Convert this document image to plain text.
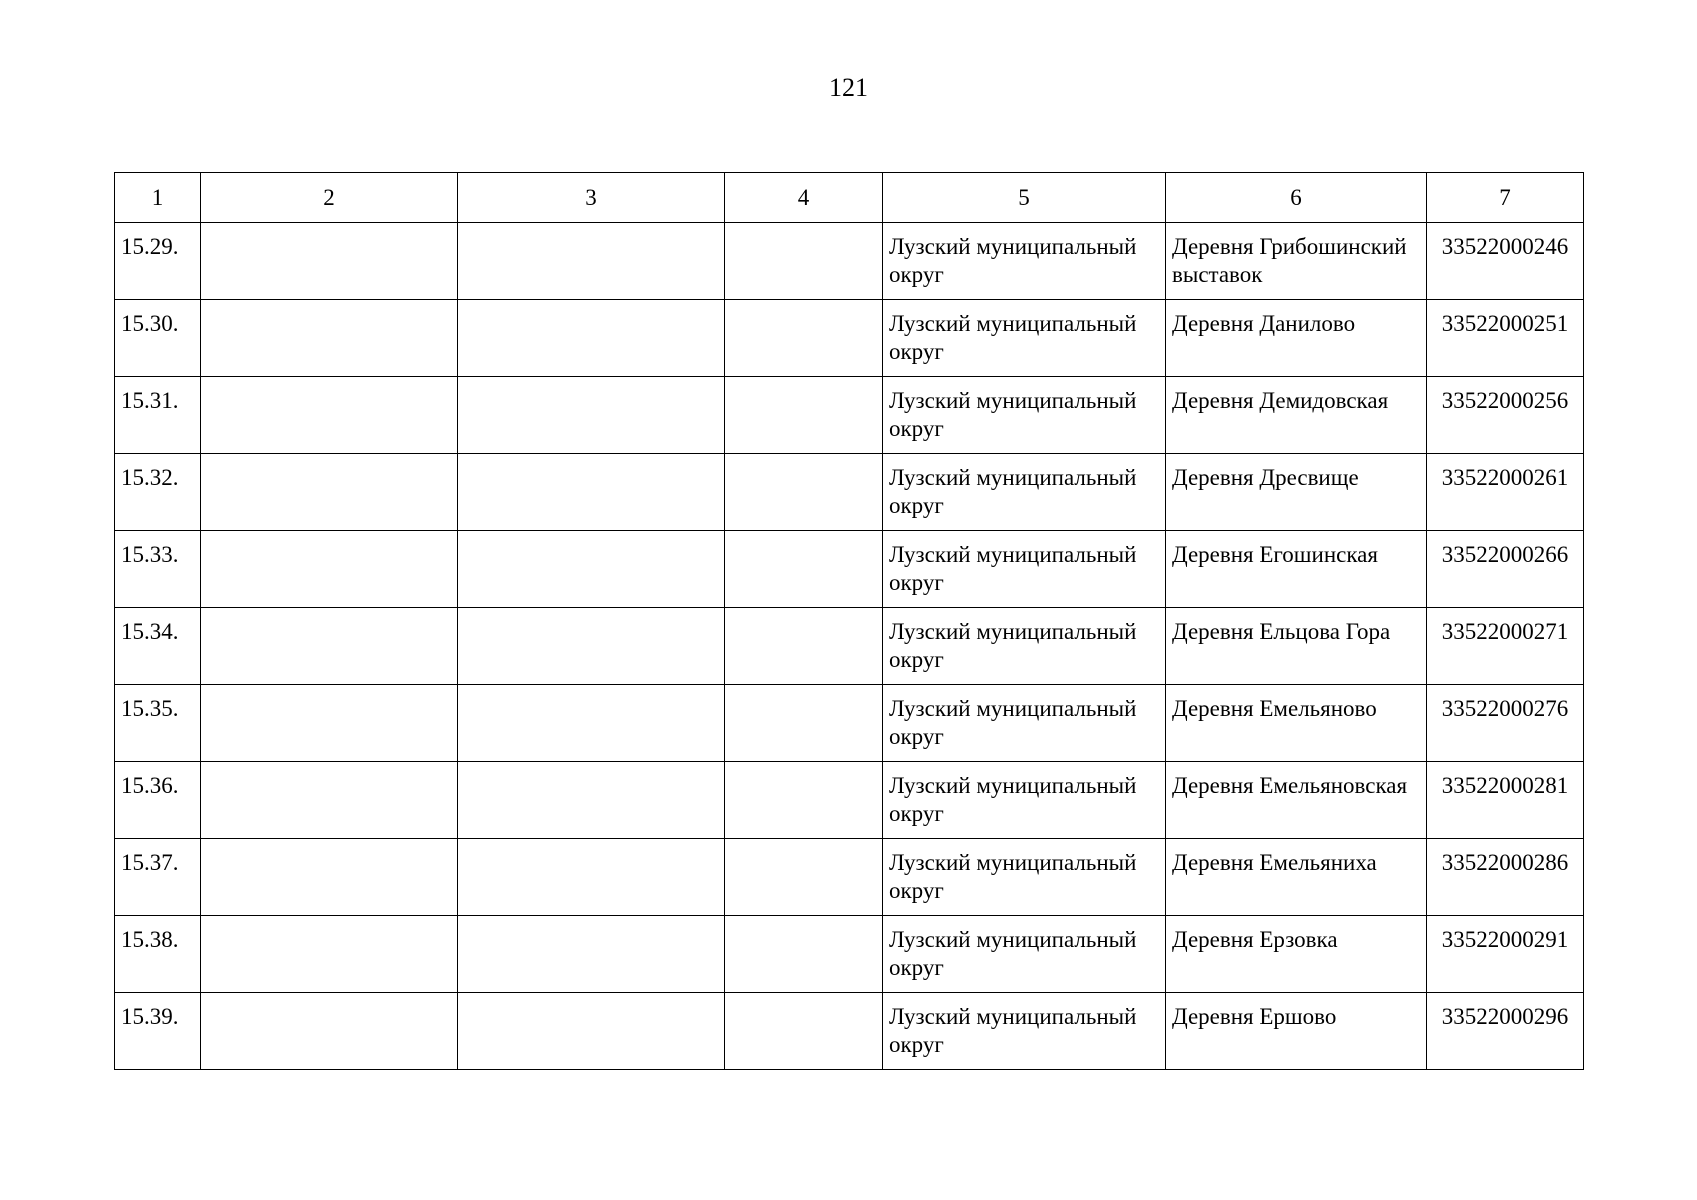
121
1	2	3	4	5	6	7
15.29.				Лузский муниципальный округ	Деревня Грибошинский выставок	33522000246
15.30.				Лузский муниципальный округ	Деревня Данилово	33522000251
15.31.				Лузский муниципальный округ	Деревня Демидовская	33522000256
15.32.				Лузский муниципальный округ	Деревня Дресвище	33522000261
15.33.				Лузский муниципальный округ	Деревня Егошинская	33522000266
15.34.				Лузский муниципальный округ	Деревня Ельцова Гора	33522000271
15.35.				Лузский муниципальный округ	Деревня Емельяново	33522000276
15.36.				Лузский муниципальный округ	Деревня Емельяновская	33522000281
15.37.				Лузский муниципальный округ	Деревня Емельяниха	33522000286
15.38.				Лузский муниципальный округ	Деревня Ерзовка	33522000291
15.39.				Лузский муниципальный округ	Деревня Ершово	33522000296
